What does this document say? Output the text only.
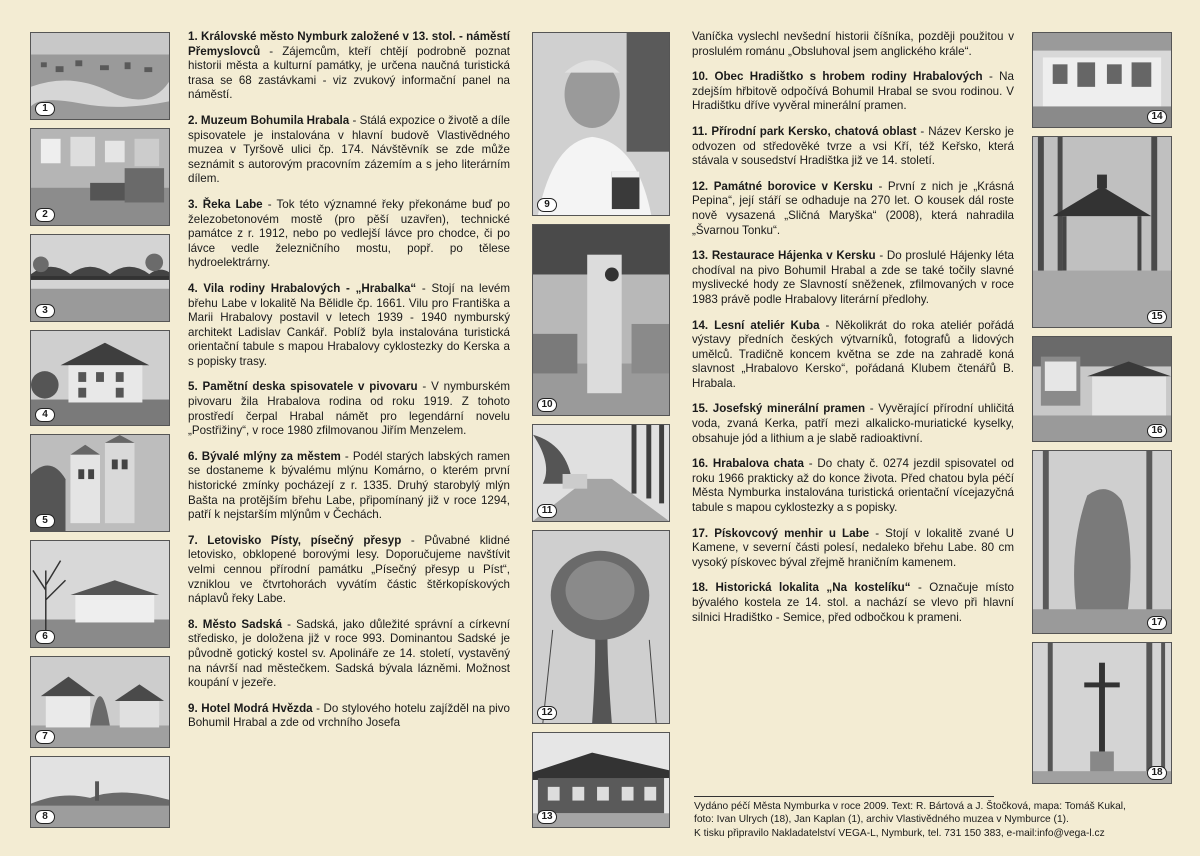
1
2
3
4
5
6
7
8

1. Královské město Nymburk založené v 13. stol. - náměstí Přemyslovců - Zájemcům, kteří chtějí podrobně poznat historii města a kulturní památky, je určena naučná turistická trasa se 68 zastávkami - viz zvukový informační panel na náměstí.

2. Muzeum Bohumila Hrabala - Stálá expozice o životě a díle spisovatele je instalována v hlavní budově Vlastivědného muzea v Tyršově ulici čp. 174. Návštěvník se zde může seznámit s autorovým pracovním zázemím a s jeho literárním dílem.

3. Řeka Labe - Tok této významné řeky překonáme buď po železobetonovém mostě (pro pěší uzavřen), technické památce z r. 1912, nebo po vedlejší lávce pro chodce, či po lávce vedle železničního mostu, popř. po tělese hydroelektrárny.

4. Vila rodiny Hrabalových - „Hrabalka“ - Stojí na levém břehu Labe v lokalitě Na Bělidle čp. 1661. Vilu pro Františka a Marii Hrabalovy postavil v letech 1939 - 1940 nymburský architekt Ladislav Cankář. Poblíž byla instalována turistická orientační tabule s mapou Hrabalovy cyklostezky do Kerska a s popisky trasy.

5. Pamětní deska spisovatele v pivovaru - V nymburském pivovaru žila Hrabalova rodina od roku 1919. Z tohoto prostředí čerpal Hrabal námět pro legendární novelu „Postřižiny“, v roce 1980 zfilmovanou Jiřím Menzelem.

6. Bývalé mlýny za městem - Podél starých labských ramen se dostaneme k bývalému mlýnu Komárno, o kterém první historické zmínky pocházejí z r. 1335. Druhý starobylý mlýn Bašta na protějším břehu Labe, připomínaný již v roce 1294, patří k nejstarším mlýnům v Čechách.

7. Letovisko Písty, písečný přesyp - Půvabné klidné letovisko, obklopené borovými lesy. Doporučujeme navštívit velmi cennou přírodní památku „Písečný přesyp u Píst“, vzniklou ve čtvrtohorách vyvátím částic štěrkopískových náplavů řeky Labe.

8. Město Sadská - Sadská, jako důležité správní a církevní středisko, je doložena již v roce 993. Dominantou Sadské je původně gotický kostel sv. Apolináře ze 14. století, vystavěný na návrší nad městečkem. Sadská bývala lázněmi. Možnost koupání v jezeře.

9. Hotel Modrá Hvězda - Do stylového hotelu zajížděl na pivo Bohumil Hrabal a zde od vrchního Josefa

9
10
11
12
13

Vaníčka vyslechl nevšední historii číšníka, později použitou v proslulém románu „Obsluhoval jsem anglického krále“.

10. Obec Hradištko s hrobem rodiny Hrabalových - Na zdejším hřbitově odpočívá Bohumil Hrabal se svou rodinou. V Hradištku dříve vyvěral minerální pramen.

11. Přírodní park Kersko, chatová oblast - Název Kersko je odvozen od středověké tvrze a vsi Kří, též Keřsko, která stávala v sousedství Hradištka již ve 14. století.

12. Památné borovice v Kersku - První z nich je „Krásná Pepina“, její stáří se odhaduje na 270 let. O kousek dál roste nově vysazená „Sličná Maryška“ (2008), která nahradila „Švarnou Tonku“.

13. Restaurace Hájenka v Kersku - Do proslulé Hájenky léta chodíval na pivo Bohumil Hrabal a zde se také točily slavné myslivecké hody ze Slavností sněženek, zfilmovaných v roce 1983 právě podle Hrabalovy literární předlohy.

14. Lesní ateliér Kuba - Několikrát do roka ateliér pořádá výstavy předních českých výtvarníků, fotografů a lidových umělců. Tradičně koncem května se zde na zahradě koná slavnost „Hrabalovo Kersko“, pořádaná Klubem čtenářů B. Hrabala.

15. Josefský minerální pramen - Vyvěrající přírodní uhličitá voda, zvaná Kerka, patří mezi alkalicko-muriatické kyselky, obsahuje jód a lithium a je slabě radioaktivní.

16. Hrabalova chata - Do chaty č. 0274 jezdil spisovatel od roku 1966 prakticky až do konce života. Před chatou byla péčí Města Nymburka instalována turistická orientační vícejazyčná tabule s mapou cyklostezky a s popisky.

17. Pískovcový menhir u Labe - Stojí v lokalitě zvané U Kamene, v severní části polesí, nedaleko břehu Labe. 80 cm vysoký pískovec býval zřejmě hraničním kamenem.

18. Historická lokalita „Na kostelíku“ - Označuje místo bývalého kostela ze 14. stol. a nachází se vlevo při hlavní silnici Hradištko - Semice, před odbočkou k prameni.

14
15
16
17
18
Vydáno péčí Města Nymburka v roce 2009. Text: R. Bártová a J. Štočková, mapa: Tomáš Kukal,
foto: Ivan Ulrych (18), Jan Kaplan (1), archiv Vlastivědného muzea v Nymburce (1).
K tisku připravilo Nakladatelství VEGA-L, Nymburk, tel. 731 150 383, e-mail:info@vega-l.cz
